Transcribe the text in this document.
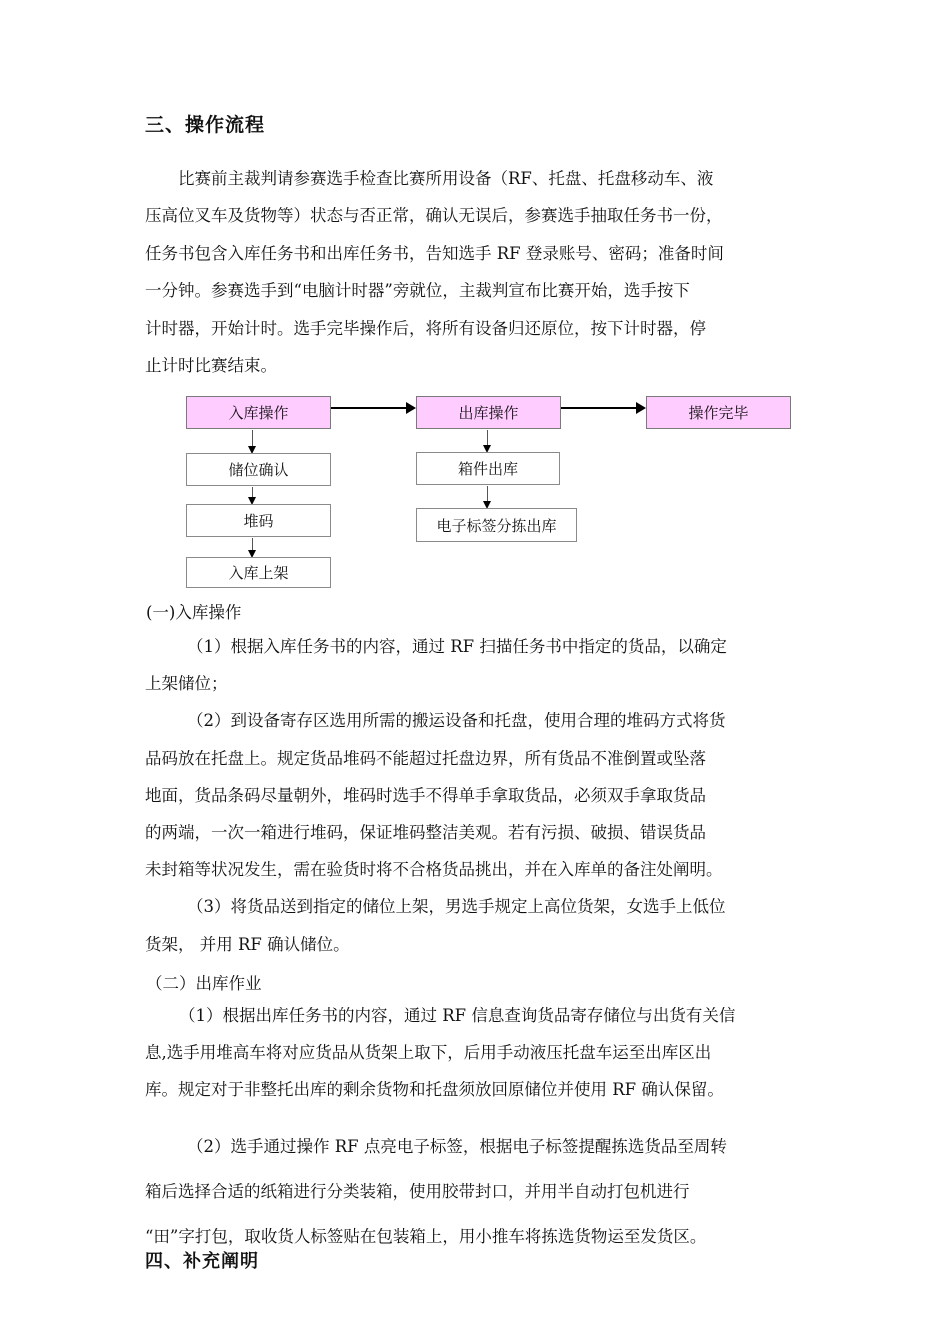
三、操作流程
比赛前主裁判请参赛选手检查比赛所用设备（RF、托盘、托盘移动车、液
压高位叉车及货物等）状态与否正常，确认无误后，参赛选手抽取任务书一份，
任务书包含入库任务书和出库任务书，告知选手 RF 登录账号、密码；准备时间
一分钟。参赛选手到“电脑计时器”旁就位，主裁判宣布比赛开始，选手按下
计时器，开始计时。选手完毕操作后，将所有设备归还原位，按下计时器，停
止计时比赛结束。
入库操作	出库操作	操作完毕
储位确认
堆码
入库上架
箱件出库
电子标签分拣出库
(一)入库操作
（1）根据入库任务书的内容，通过 RF 扫描任务书中指定的货品，以确定
上架储位；
（2）到设备寄存区选用所需的搬运设备和托盘，使用合理的堆码方式将货
品码放在托盘上。规定货品堆码不能超过托盘边界，所有货品不准倒置或坠落
地面，货品条码尽量朝外，堆码时选手不得单手拿取货品，必须双手拿取货品
的两端，一次一箱进行堆码，保证堆码整洁美观。若有污损、破损、错误货品
未封箱等状况发生，需在验货时将不合格货品挑出，并在入库单的备注处阐明。
（3）将货品送到指定的储位上架，男选手规定上高位货架，女选手上低位
货架， 并用 RF 确认储位。
（二）出库作业
（1）根据出库任务书的内容，通过 RF 信息查询货品寄存储位与出货有关信
息,选手用堆高车将对应货品从货架上取下，后用手动液压托盘车运至出库区出
库。规定对于非整托出库的剩余货物和托盘须放回原储位并使用 RF 确认保留。
（2）选手通过操作 RF 点亮电子标签，根据电子标签提醒拣选货品至周转
箱后选择合适的纸箱进行分类装箱，使用胶带封口，并用半自动打包机进行
“田”字打包，取收货人标签贴在包装箱上，用小推车将拣选货物运至发货区。
四、补充阐明
